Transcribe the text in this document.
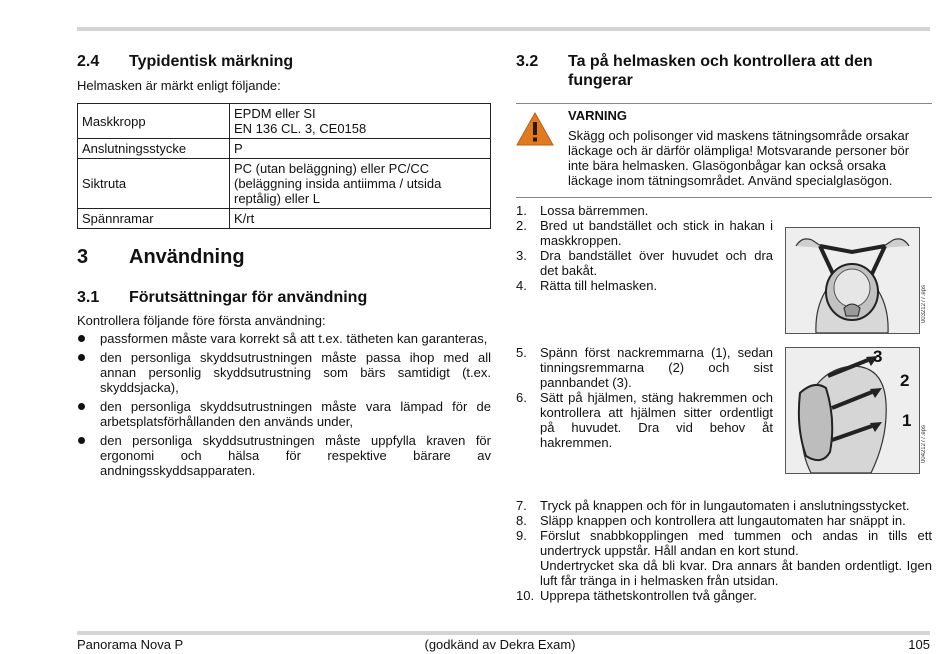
2.4	Typidentisk märkning

Helmasken är märkt enligt följande:

Maskkropp	EPDM eller SI
EN 136 CL. 3, CE0158
Anslutningsstycke	P
Siktruta	PC (utan beläggning) eller PC/CC
(beläggning insida antiimma / utsida
reptålig) eller L
Spännramar	K/rt
3	Användning
3.1	Förutsättningar för användning

Kontrollera följande före första användning:

passformen måste vara korrekt så att t.ex. tätheten kan garanteras,
den personliga skyddsutrustningen måste passa ihop med all annan personlig skyddsutrustning som bärs samtidigt (t.ex. skyddsjacka),
den personliga skyddsutrustningen måste vara lämpad för de arbetsplatsförhållanden den används under,
den personliga skyddsutrustningen måste uppfylla kraven för ergonomi och hälsa för respektive bärare av andningsskyddsapparaten.
3.2	Ta på helmasken och kontrollera att den
fungerar
VARNING

Skägg och polisonger vid maskens tätningsområde orsakar läckage och är därför olämpliga! Motsvarande personer bör inte bära helmasken. Glasögonbågar kan också orsaka läckage inom tätningsområdet. Använd specialglasögon.

1.	Lossa bärremmen.
2.	Bred ut bandstället och stick in hakan i maskkroppen.
3.	Dra bandstället över huvudet och dra det bakåt.
4.	Rätta till helmasken.
5.	Spänn först nackremmarna (1), sedan tinningsremmarna (2) och sist pannbandet (3).
6.	Sätt på hjälmen, stäng hakremmen och kontrollera att hjälmen sitter ordentligt på huvudet. Dra vid behov åt hakremmen.
7.	Tryck på knappen och för in lungautomaten i anslutningsstycket.
8.	Släpp knappen och kontrollera att lungautomaten har snäppt in.
9.	Förslut snabbkopplingen med tummen och andas in tills ett undertryck uppstår. Håll andan en kort stund.
Undertrycket ska då bli kvar. Dra annars åt banden ordentligt. Igen luft får tränga in i helmasken från utsidan.
10. Upprepa täthetskontrollen två gånger.
00321277.eps
3
2
1
00421277.eps
Panorama Nova P	(godkänd av Dekra Exam)	105
